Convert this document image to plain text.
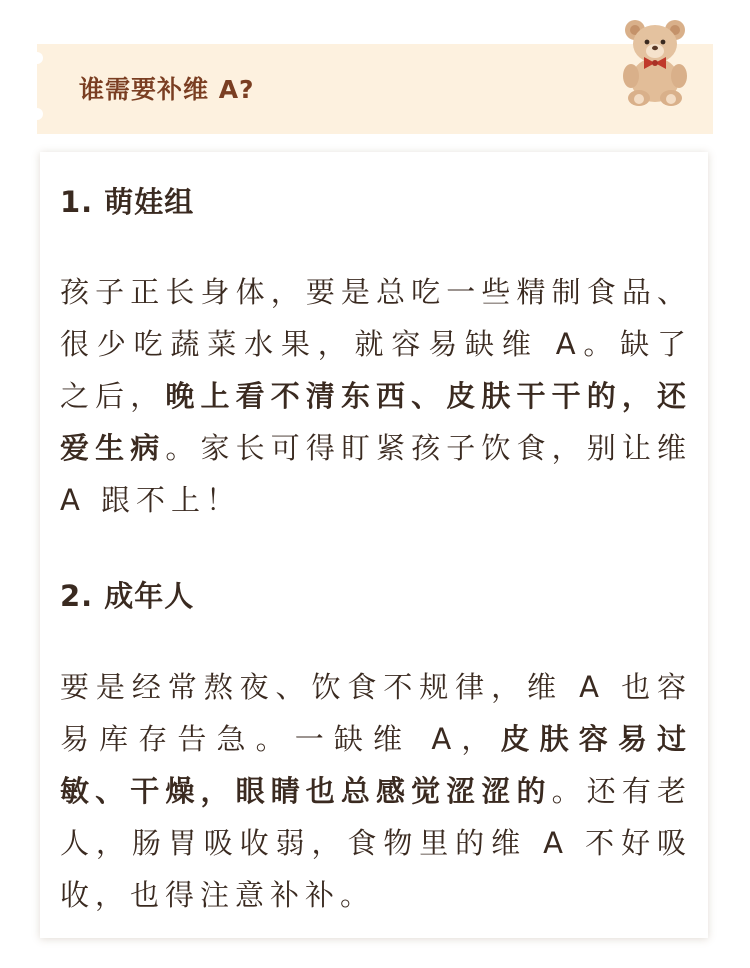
谁需要补维 A?
1. 萌娃组
孩子正长身体，要是总吃一些精制食品、很少吃蔬菜水果，就容易缺维 A。缺了之后，晚上看不清东西、皮肤干干的，还爱生病。家长可得盯紧孩子饮食，别让维 A 跟不上！
2. 成年人
要是经常熬夜、饮食不规律，维 A 也容易库存告急。一缺维 A，皮肤容易过敏、干燥，眼睛也总感觉涩涩的。还有老人，肠胃吸收弱，食物里的维 A 不好吸收，也得注意补补。
